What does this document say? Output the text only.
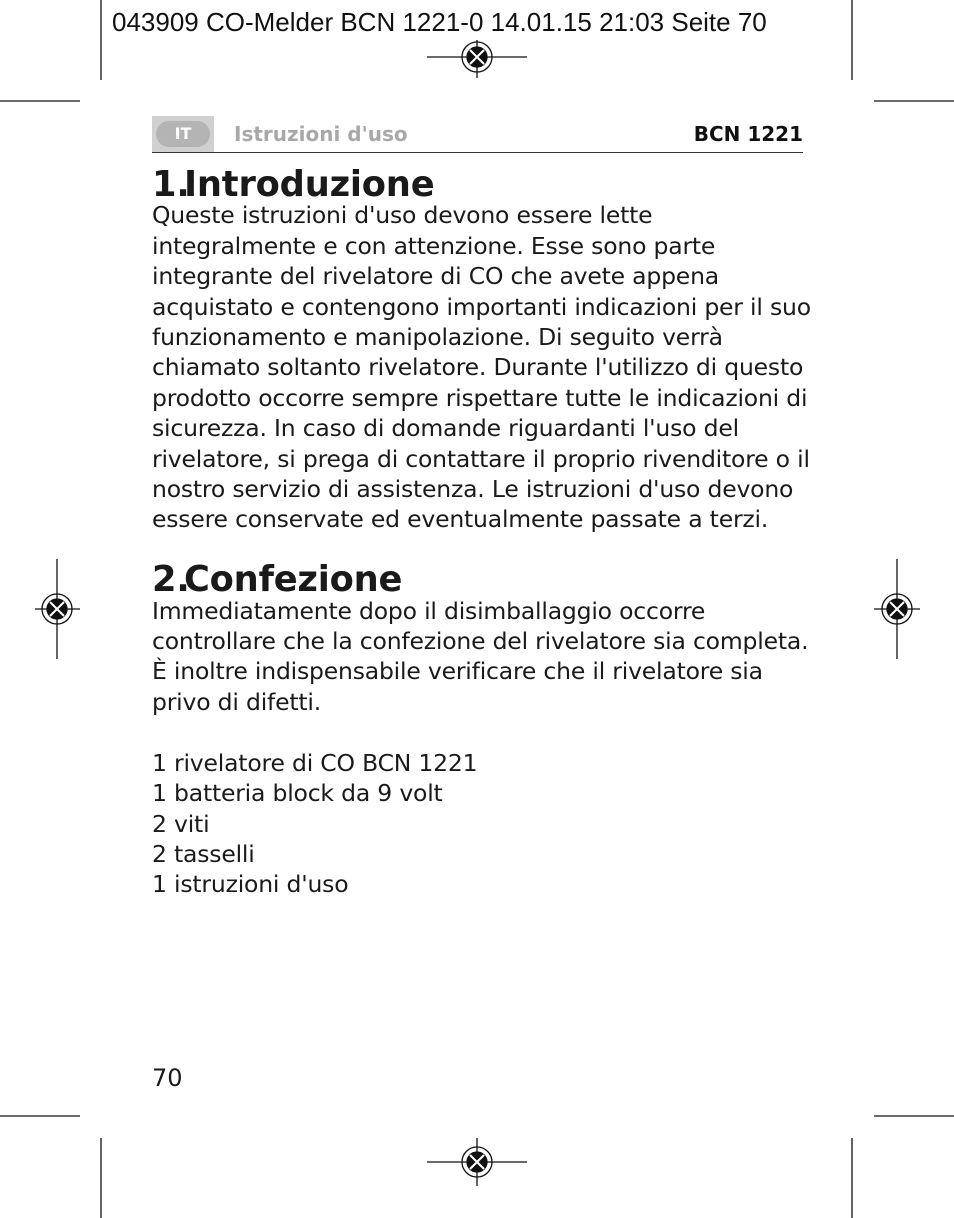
043909 CO-Melder BCN 1221-0 14.01.15 21:03 Seite 70
IT	Istruzioni d'uso	BCN 1221
1.Introduzione

Queste istruzioni d'uso devono essere lette integralmente e con attenzione. Esse sono parte integrante del rivelatore di CO che avete appena acquistato e contengono importanti indicazioni per il suo funzionamento e manipolazione. Di seguito verrà chiamato soltanto rivelatore. Durante l'utilizzo di questo prodotto occorre sempre rispettare tutte le indicazioni di sicurezza. In caso di domande riguardanti l'uso del rivelatore, si prega di contattare il proprio rivenditore o il nostro servizio di assistenza. Le istruzioni d'uso devono essere conservate ed eventualmente passate a terzi.

2.Confezione

Immediatamente dopo il disimballaggio occorre controllare che la confezione del rivelatore sia completa. È inoltre indispensabile verificare che il rivelatore sia privo di difetti.

1 rivelatore di CO BCN 1221
1 batteria block da 9 volt
2 viti
2 tasselli
1 istruzioni d'uso
70
